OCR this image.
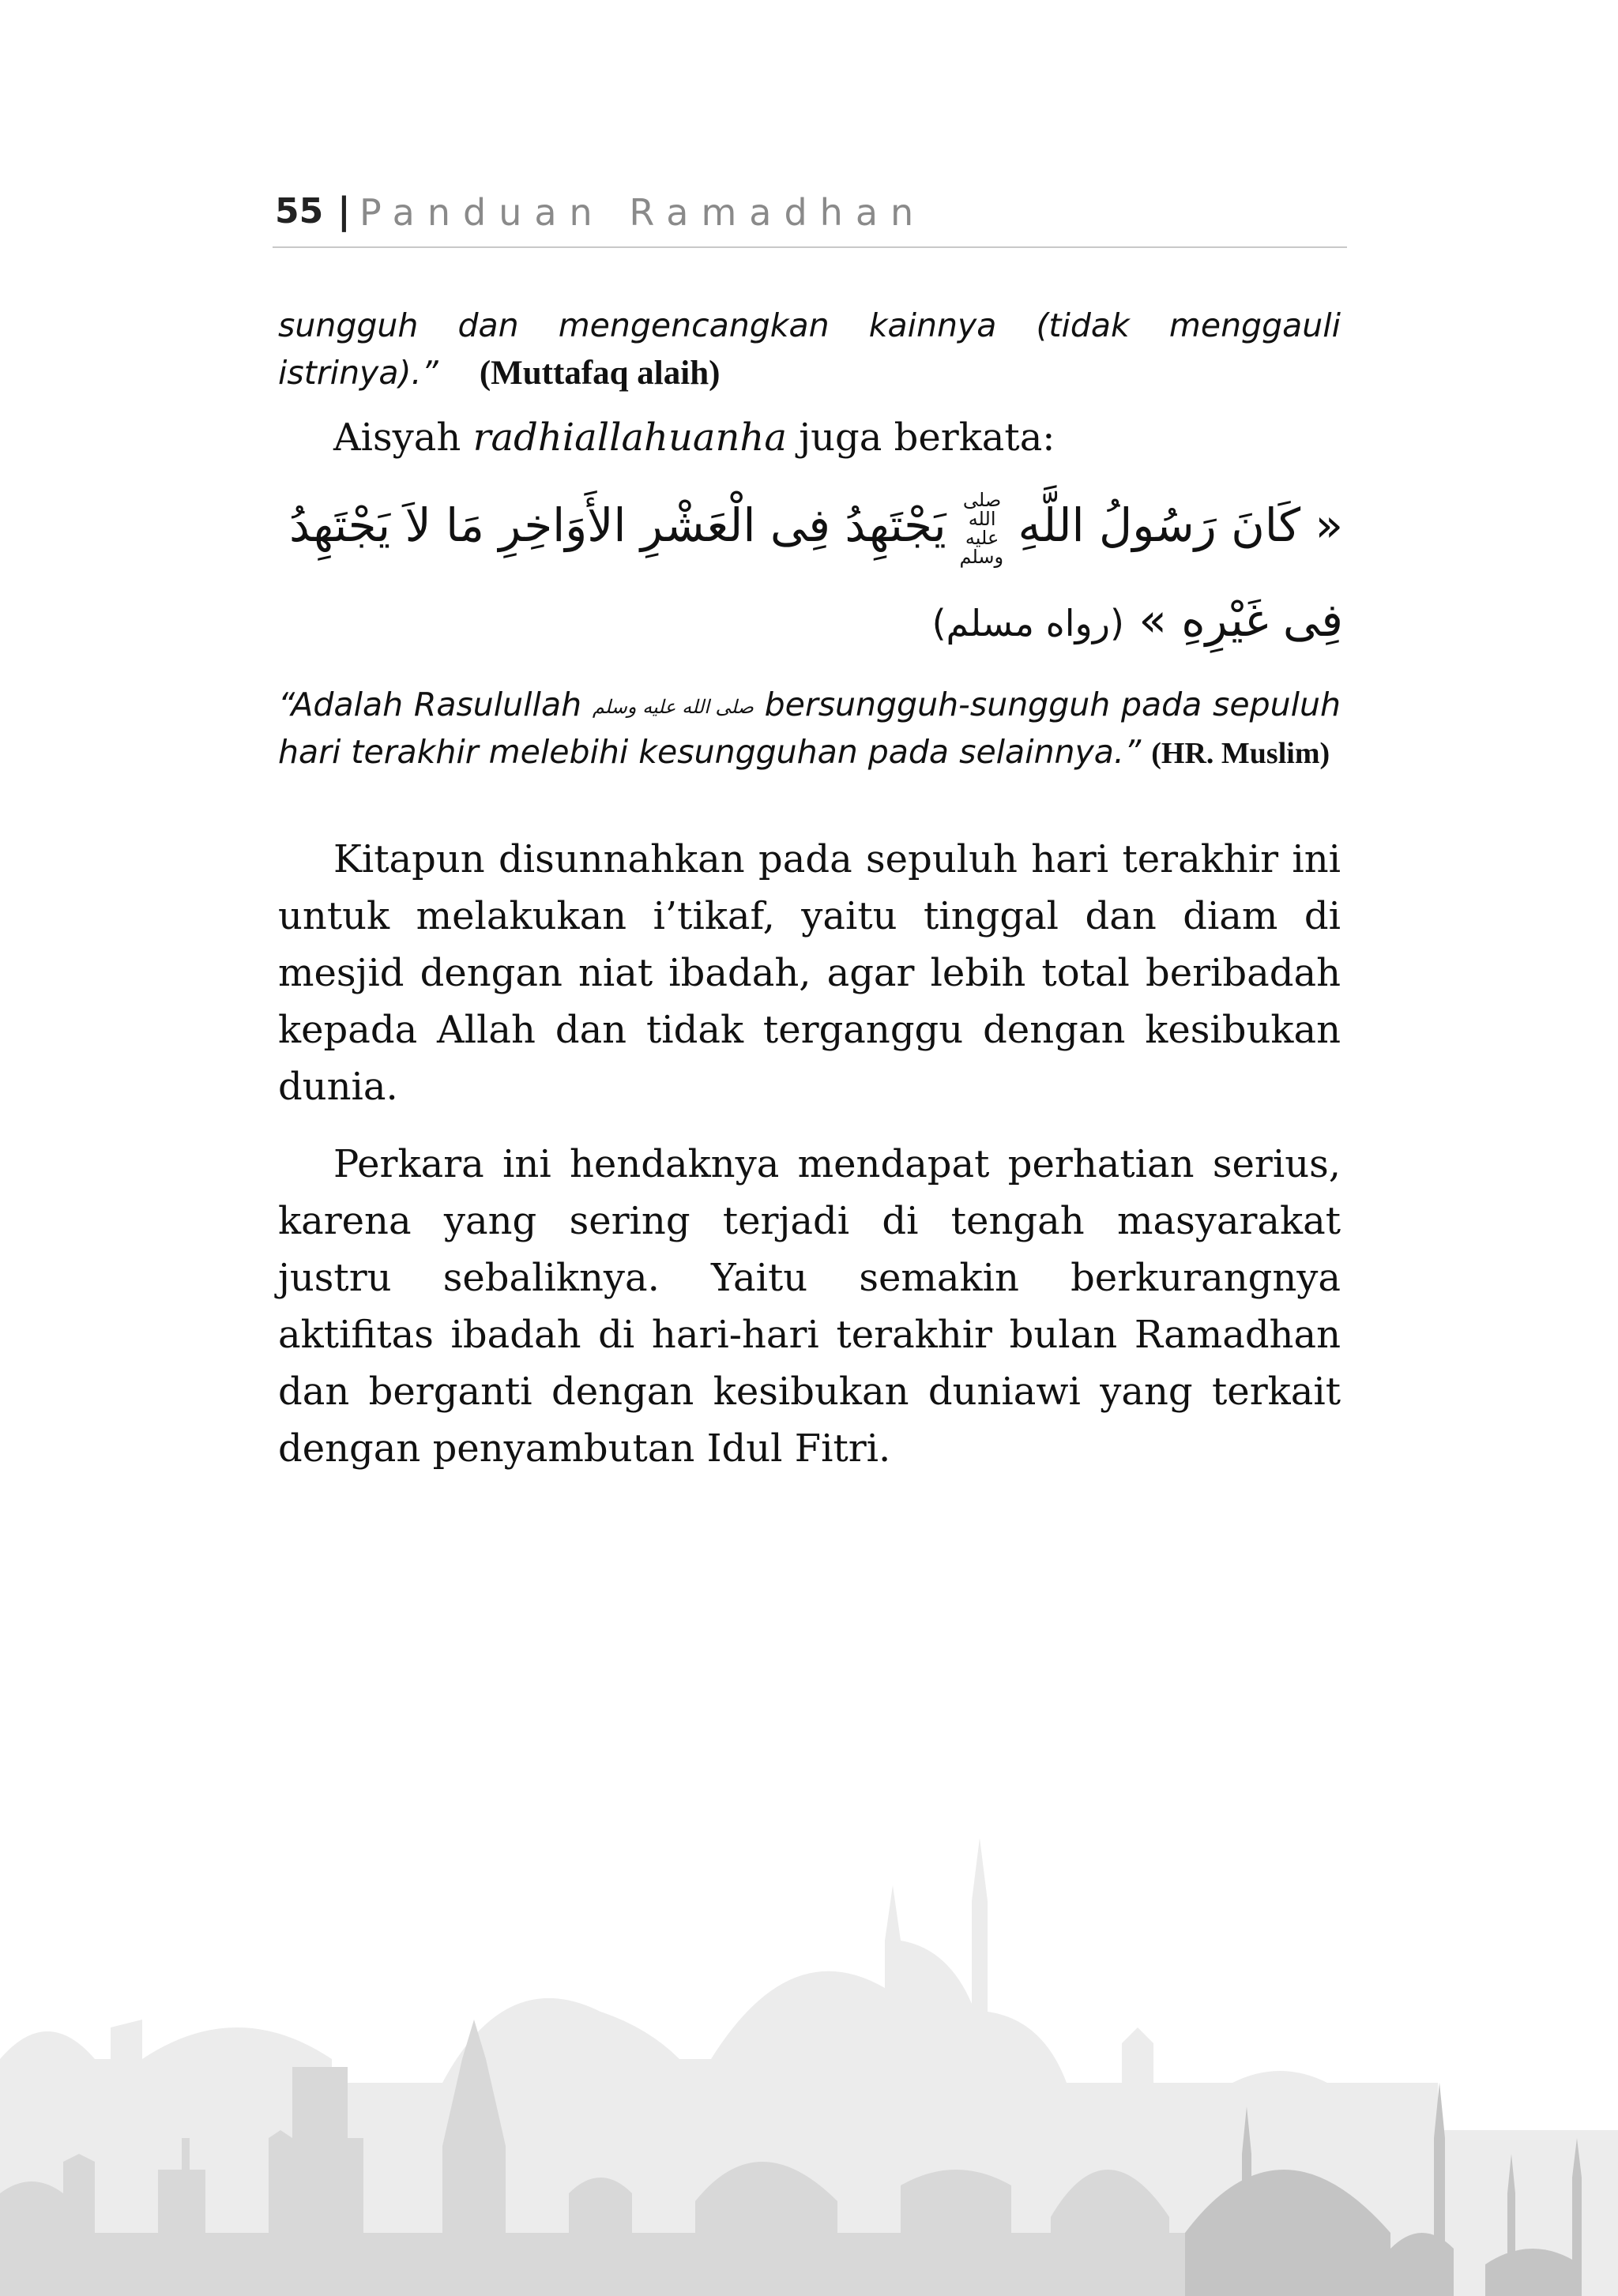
55 | Panduan Ramadhan

sungguh dan mengencangkan kainnya (tidak menggauli istrinya).” (Muttafaq alaih)

Aisyah radhiallahuanha juga berkata:

« كَانَ رَسُولُ اللَّهِ صلى الله عليه وسلم يَجْتَهِدُ فِى الْعَشْرِ الأَوَاخِرِ مَا لاَ يَجْتَهِدُ

فِى غَيْرِهِ » (رواه مسلم)

“Adalah Rasulullah صلى الله عليه وسلم bersungguh-sungguh pada sepuluh hari terakhir melebihi kesungguhan pada selainnya.” (HR. Muslim)

Kitapun disunnahkan pada sepuluh hari terakhir ini untuk melakukan i’tikaf, yaitu tinggal dan diam di mesjid dengan niat ibadah, agar lebih total beribadah kepada Allah dan tidak terganggu dengan kesibukan dunia.

Perkara ini hendaknya mendapat perhatian serius, karena yang sering terjadi di tengah masyarakat justru sebaliknya. Yaitu semakin berkurangnya aktifitas ibadah di hari-hari terakhir bulan Ramadhan dan berganti dengan kesibukan duniawi yang terkait dengan penyambutan Idul Fitri.
